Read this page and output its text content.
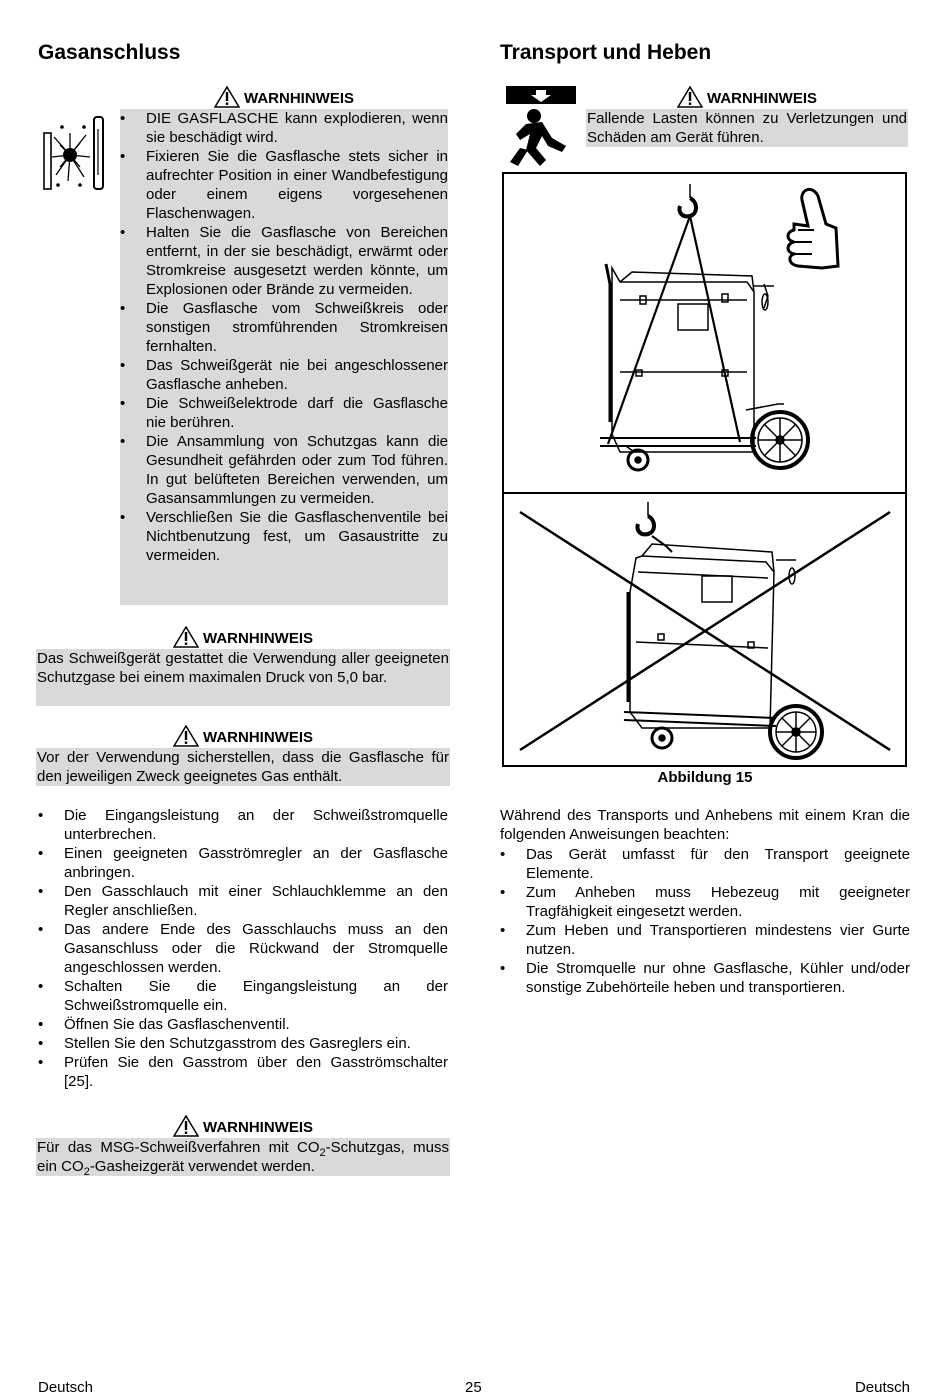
Gasanschluss
WARNHINWEIS
• DIE GASFLASCHE kann explodieren, wenn sie beschädigt wird.
• Fixieren Sie die Gasflasche stets sicher in aufrechter Position in einer Wandbefestigung oder einem eigens vorgesehenen Flaschenwagen.
• Halten Sie die Gasflasche von Bereichen entfernt, in der sie beschädigt, erwärmt oder Stromkreise ausgesetzt werden könnte, um Explosionen oder Brände zu vermeiden.
• Die Gasflasche vom Schweißkreis oder sonstigen stromführenden Stromkreisen fernhalten.
• Das Schweißgerät nie bei angeschlossener Gasflasche anheben.
• Die Schweißelektrode darf die Gasflasche nie berühren.
• Die Ansammlung von Schutzgas kann die Gesundheit gefährden oder zum Tod führen. In gut belüfteten Bereichen verwenden, um Gasansammlungen zu vermeiden.
• Verschließen Sie die Gasflaschenventile bei Nichtbenutzung fest, um Gasaustritte zu vermeiden.
WARNHINWEIS
Das Schweißgerät gestattet die Verwendung aller geeigneten Schutzgase bei einem maximalen Druck von 5,0 bar.
WARNHINWEIS
Vor der Verwendung sicherstellen, dass die Gasflasche für den jeweiligen Zweck geeignetes Gas enthält.
• Die Eingangsleistung an der Schweißstromquelle unterbrechen.
• Einen geeigneten Gasströmregler an der Gasflasche anbringen.
• Den Gasschlauch mit einer Schlauchklemme an den Regler anschließen.
• Das andere Ende des Gasschlauchs muss an den Gasanschluss oder die Rückwand der Stromquelle angeschlossen werden.
• Schalten Sie die Eingangsleistung an der Schweißstromquelle ein.
• Öffnen Sie das Gasflaschenventil.
• Stellen Sie den Schutzgasstrom des Gasreglers ein.
• Prüfen Sie den Gasstrom über den Gasströmschalter [25].
WARNHINWEIS
Für das MSG-Schweißverfahren mit $CO_2$-Schutzgas, muss ein $CO_2$-Gasheizgerät verwendet werden.
Transport und Heben
WARNHINWEIS
Fallende Lasten können zu Verletzungen und Schäden am Gerät führen.
Abbildung 15
Während des Transports und Anhebens mit einem Kran die folgenden Anweisungen beachten:
• Das Gerät umfasst für den Transport geeignete Elemente.
• Zum Anheben muss Hebezeug mit geeigneter Tragfähigkeit eingesetzt werden.
• Zum Heben und Transportieren mindestens vier Gurte nutzen.
• Die Stromquelle nur ohne Gasflasche, Kühler und/oder sonstige Zubehörteile heben und transportieren.
Deutsch	25	Deutsch
